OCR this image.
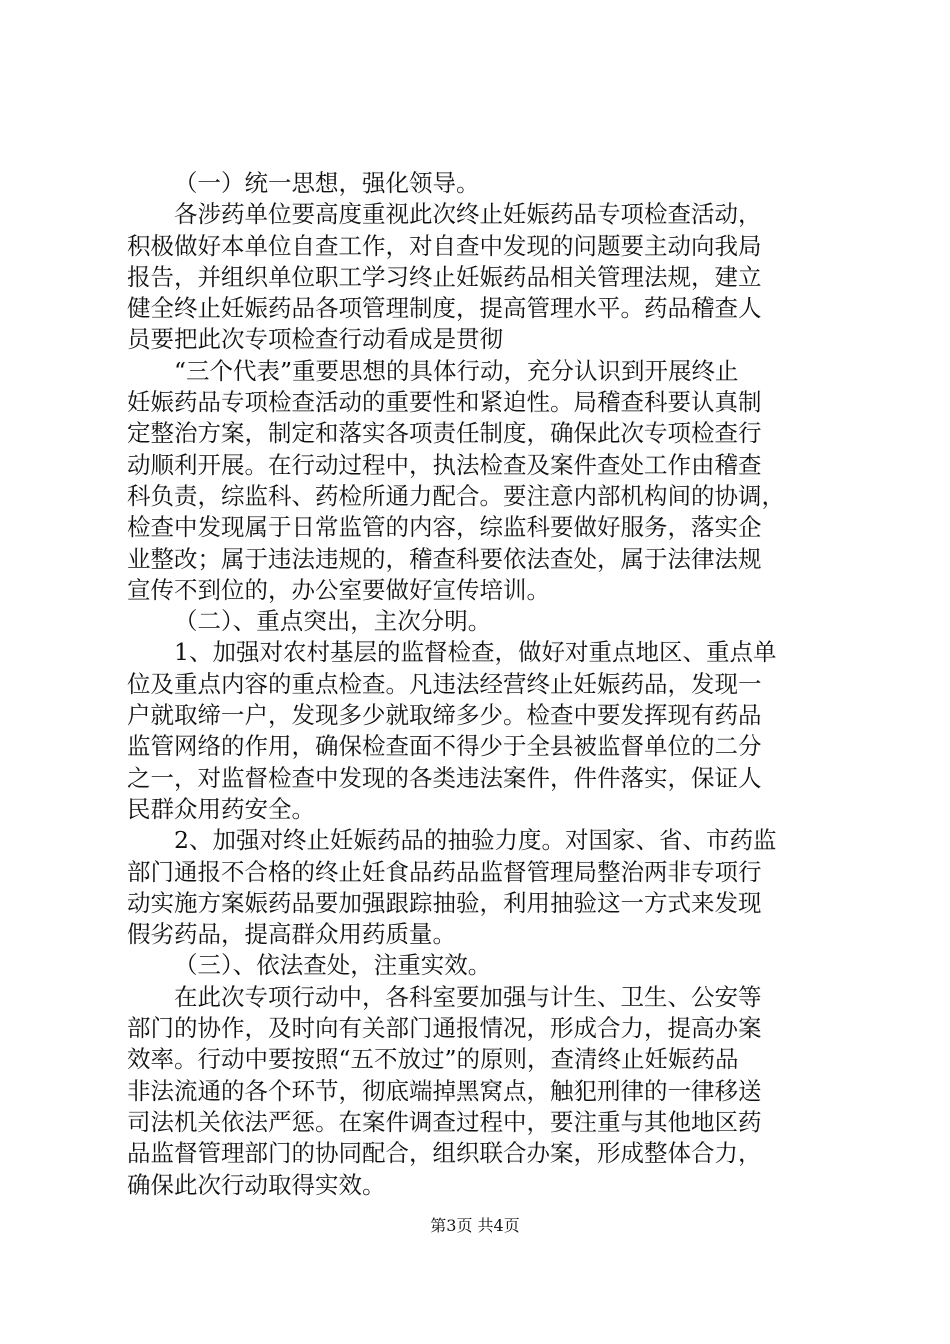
（一）统一思想，强化领导。
各涉药单位要高度重视此次终止妊娠药品专项检查活动，
积极做好本单位自查工作，对自查中发现的问题要主动向我局
报告，并组织单位职工学习终止妊娠药品相关管理法规，建立
健全终止妊娠药品各项管理制度，提高管理水平。药品稽查人
员要把此次专项检查行动看成是贯彻
“三个代表”重要思想的具体行动，充分认识到开展终止
妊娠药品专项检查活动的重要性和紧迫性。局稽查科要认真制
定整治方案，制定和落实各项责任制度，确保此次专项检查行
动顺利开展。在行动过程中，执法检查及案件查处工作由稽查
科负责，综监科、药检所通力配合。要注意内部机构间的协调，
检查中发现属于日常监管的内容，综监科要做好服务，落实企
业整改；属于违法违规的，稽查科要依法查处，属于法律法规
宣传不到位的，办公室要做好宣传培训。
（二）、重点突出，主次分明。
1、加强对农村基层的监督检查，做好对重点地区、重点单
位及重点内容的重点检查。凡违法经营终止妊娠药品，发现一
户就取缔一户，发现多少就取缔多少。检查中要发挥现有药品
监管网络的作用，确保检查面不得少于全县被监督单位的二分
之一，对监督检查中发现的各类违法案件，件件落实，保证人
民群众用药安全。
2、加强对终止妊娠药品的抽验力度。对国家、省、市药监
部门通报不合格的终止妊食品药品监督管理局整治两非专项行
动实施方案娠药品要加强跟踪抽验，利用抽验这一方式来发现
假劣药品，提高群众用药质量。
（三）、依法查处，注重实效。
在此次专项行动中，各科室要加强与计生、卫生、公安等
部门的协作，及时向有关部门通报情况，形成合力，提高办案
效率。行动中要按照“五不放过”的原则，查清终止妊娠药品
非法流通的各个环节，彻底端掉黑窝点，触犯刑律的一律移送
司法机关依法严惩。在案件调查过程中，要注重与其他地区药
品监督管理部门的协同配合，组织联合办案，形成整体合力，
确保此次行动取得实效。
第3页 共4页
